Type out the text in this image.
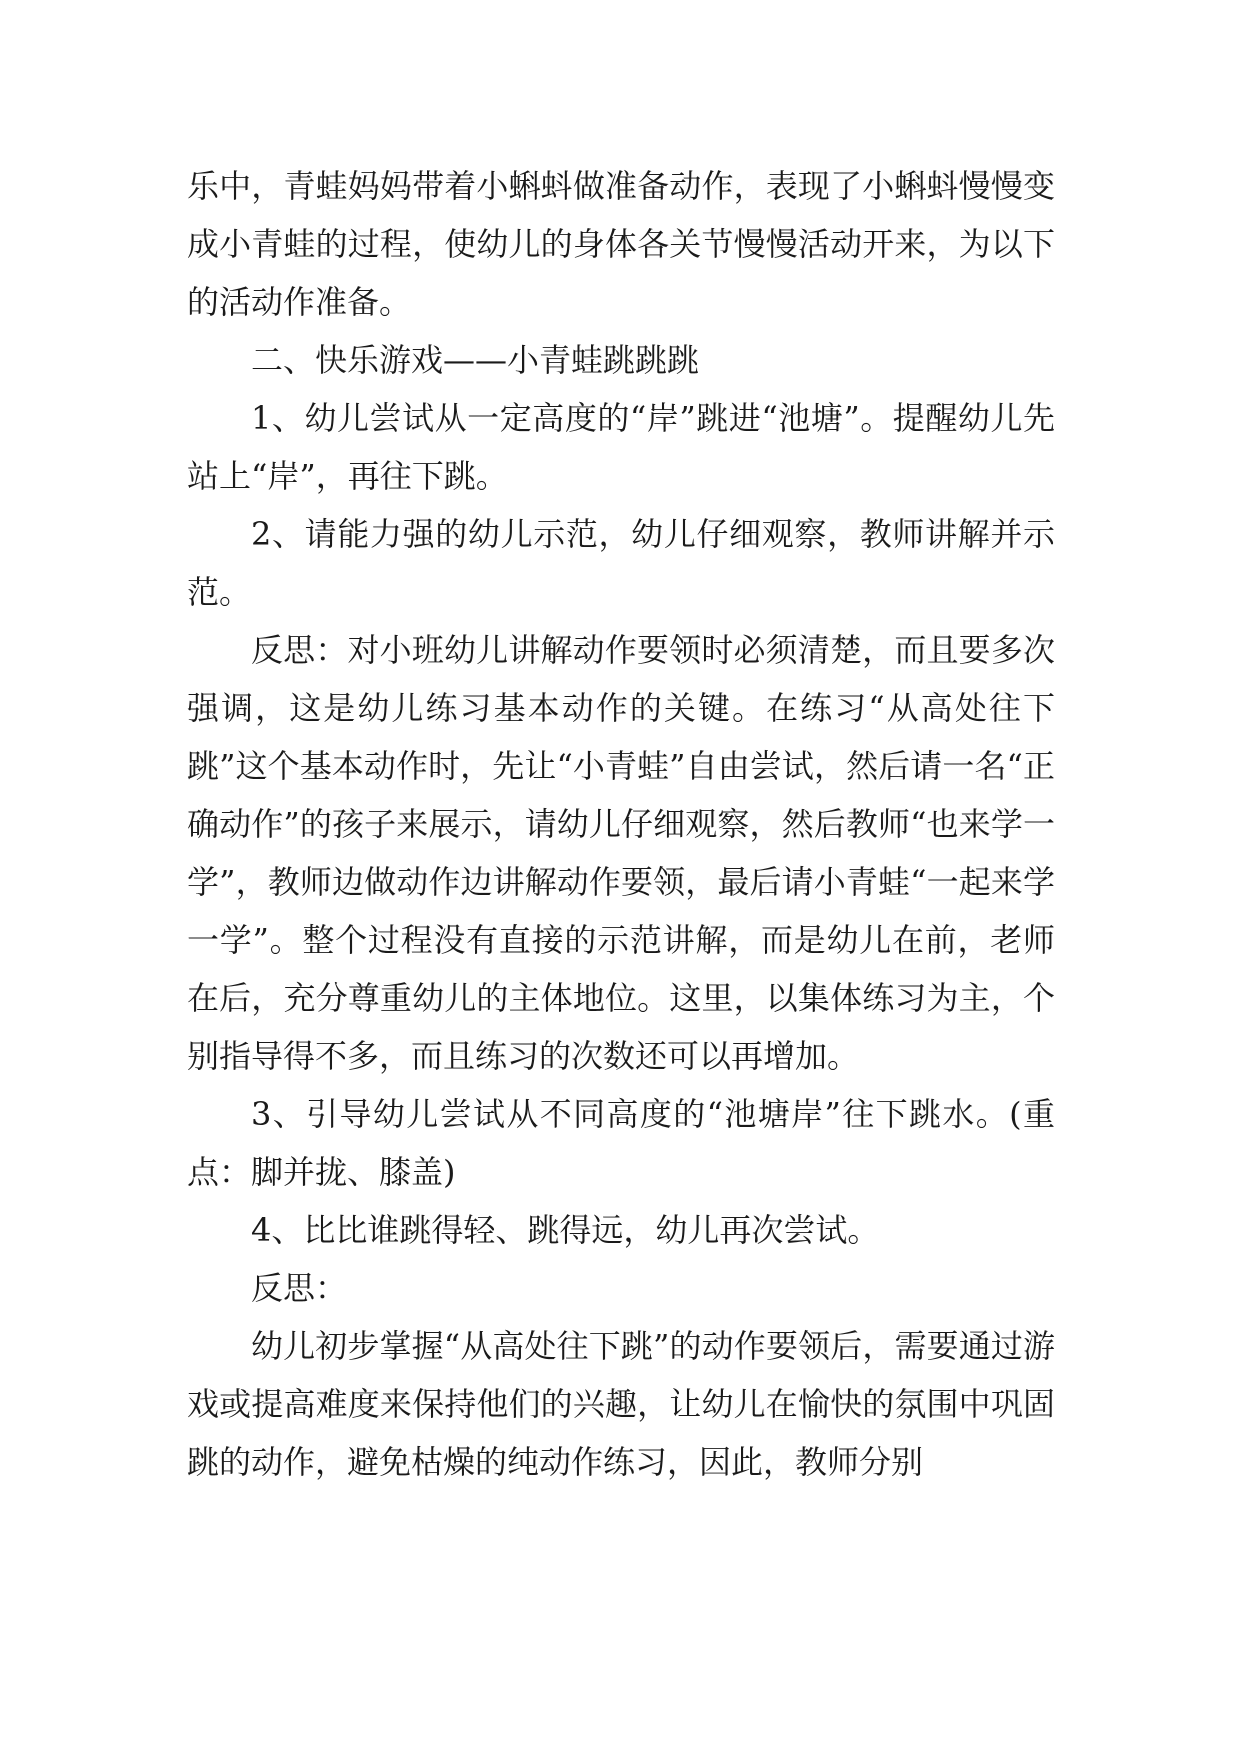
乐中，青蛙妈妈带着小蝌蚪做准备动作，表现了小蝌蚪慢慢变成小青蛙的过程，使幼儿的身体各关节慢慢活动开来，为以下的活动作准备。

二、快乐游戏——小青蛙跳跳跳

1、幼儿尝试从一定高度的“岸”跳进“池塘”。提醒幼儿先站上“岸”，再往下跳。

2、请能力强的幼儿示范，幼儿仔细观察，教师讲解并示范。

反思：对小班幼儿讲解动作要领时必须清楚，而且要多次强调，这是幼儿练习基本动作的关键。在练习“从高处往下跳”这个基本动作时，先让“小青蛙”自由尝试，然后请一名“正确动作”的孩子来展示，请幼儿仔细观察，然后教师“也来学一学”，教师边做动作边讲解动作要领，最后请小青蛙“一起来学一学”。整个过程没有直接的示范讲解，而是幼儿在前，老师在后，充分尊重幼儿的主体地位。这里，以集体练习为主，个别指导得不多，而且练习的次数还可以再增加。

3、引导幼儿尝试从不同高度的“池塘岸”往下跳水。(重点：脚并拢、膝盖)

4、比比谁跳得轻、跳得远，幼儿再次尝试。

反思：

幼儿初步掌握“从高处往下跳”的动作要领后，需要通过游戏或提高难度来保持他们的兴趣，让幼儿在愉快的氛围中巩固跳的动作，避免枯燥的纯动作练习，因此，教师分别
